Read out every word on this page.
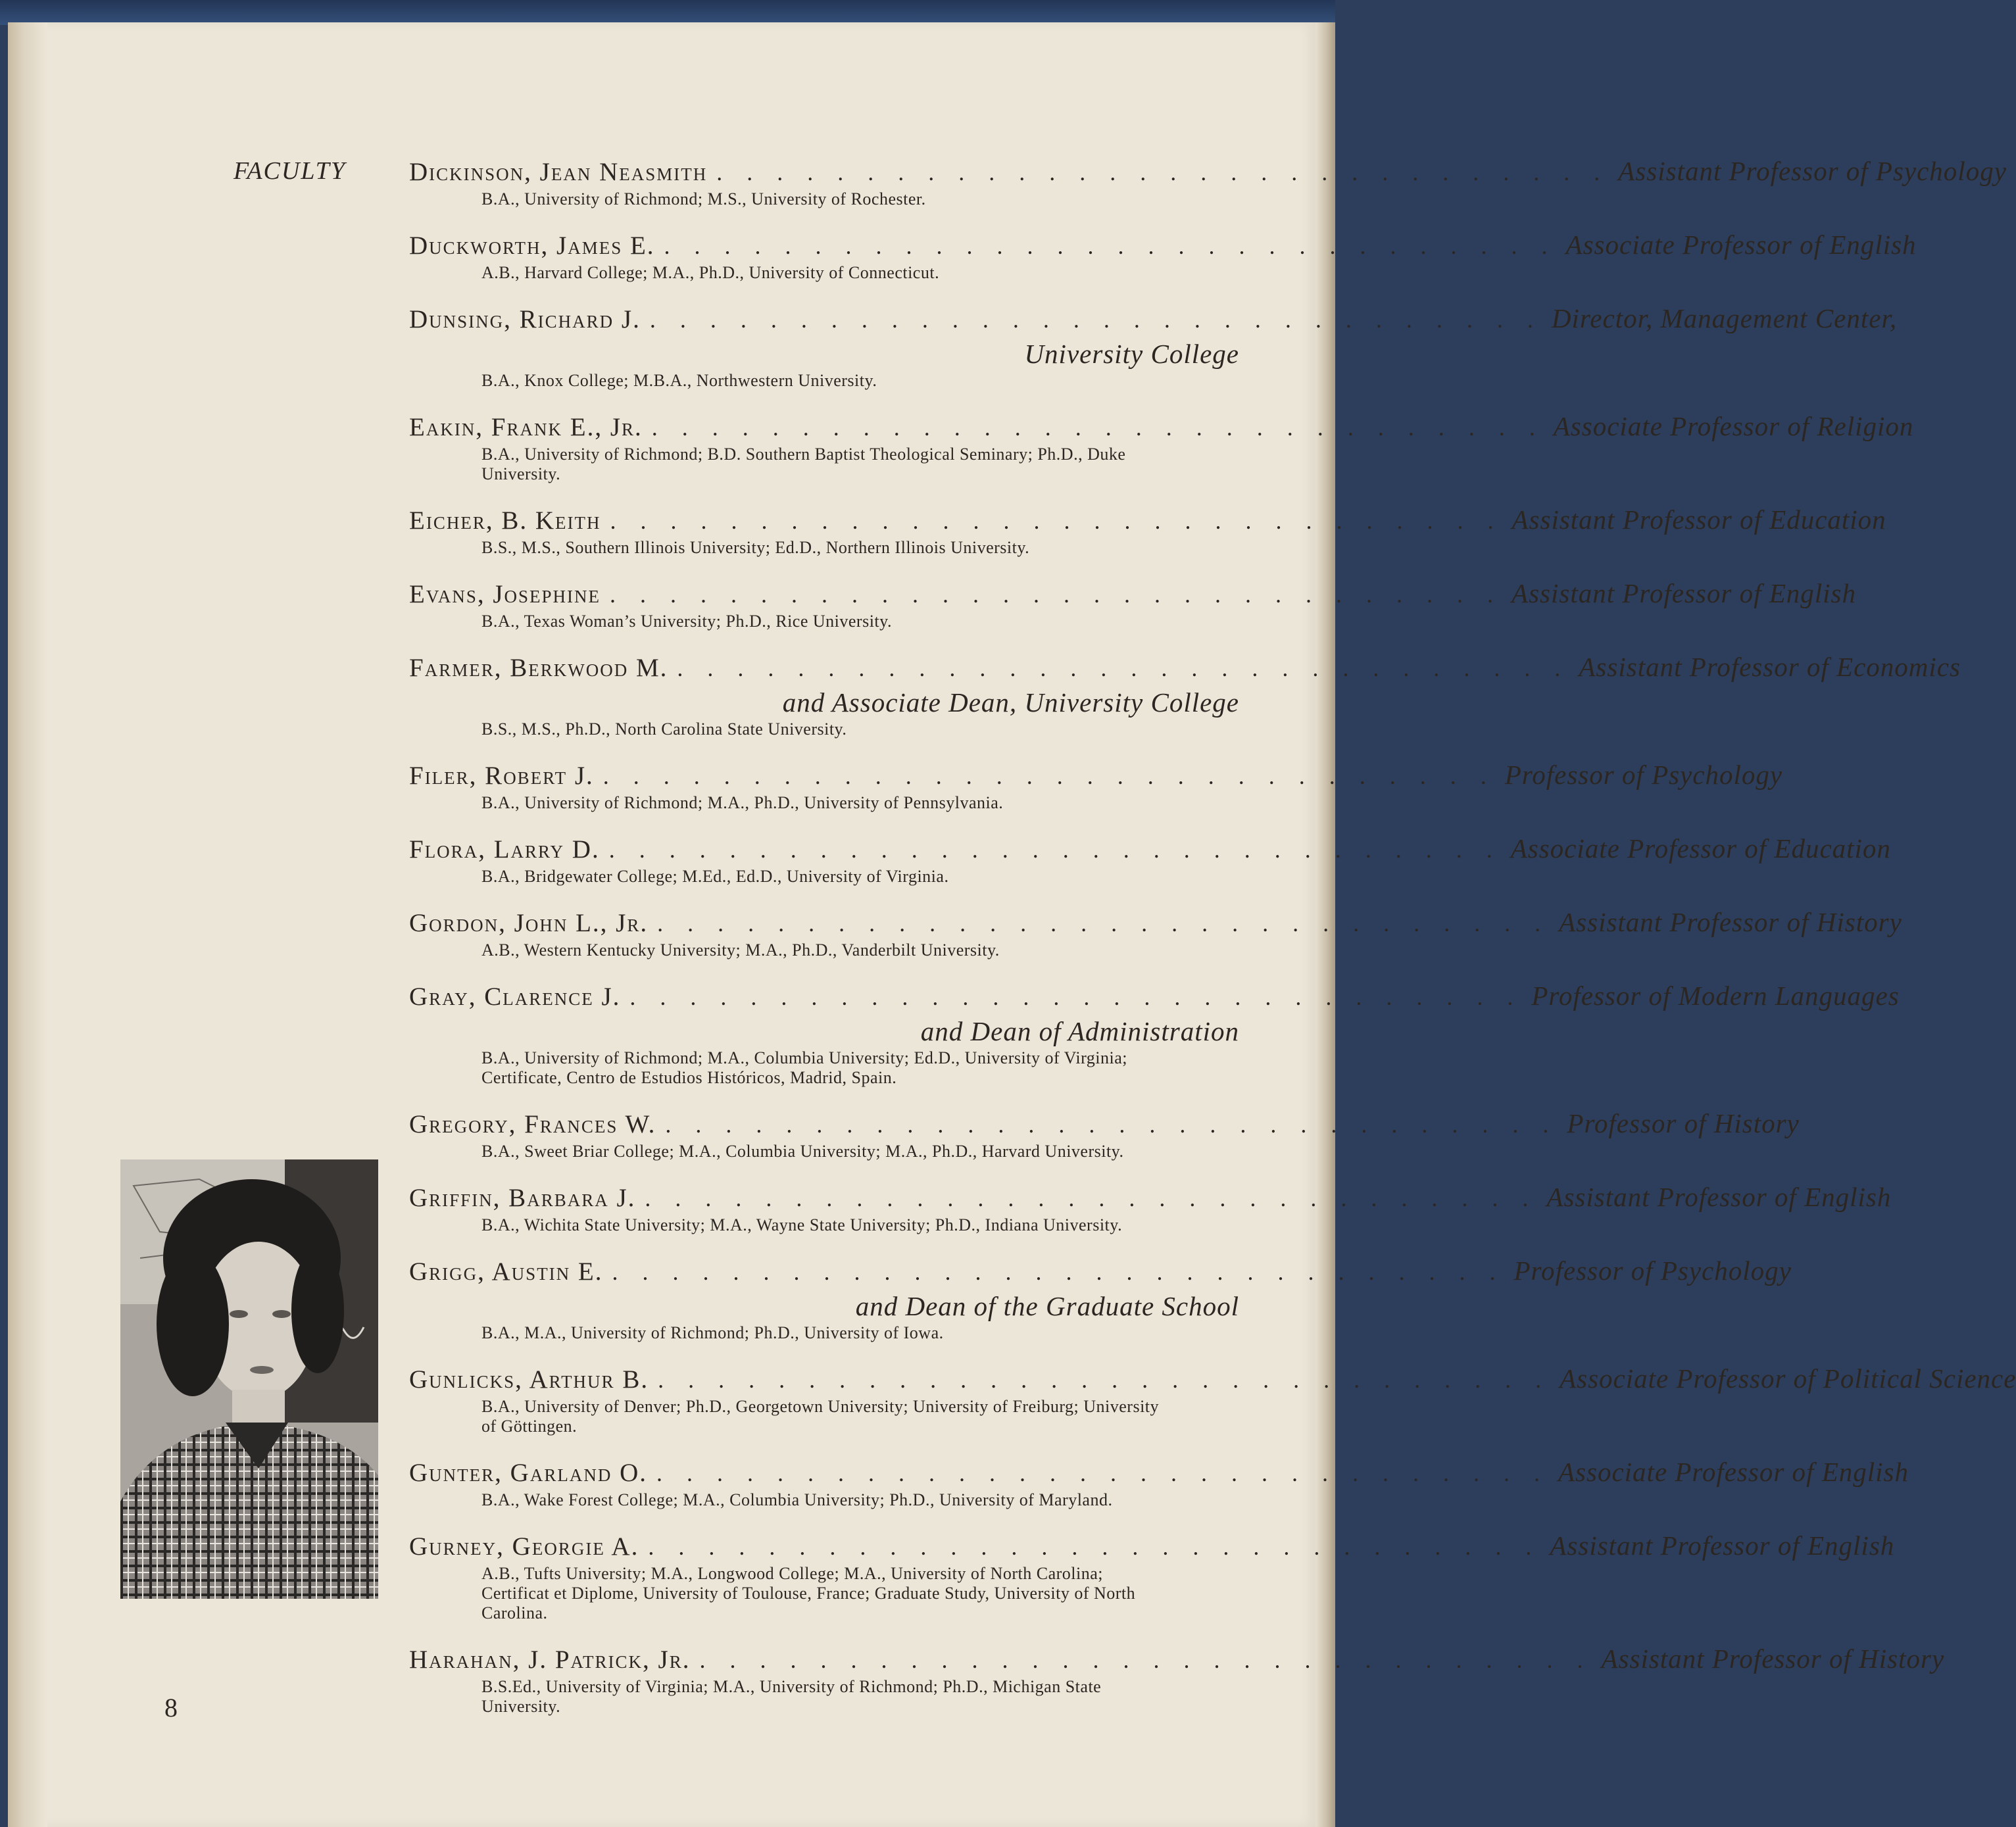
FACULTY Dickinson, Jean Neasmith . . . . . . . . . . . . . . . . . . . . . . . . . . . . . . Assistant Professor of Psychology
B.A., University of Richmond; M.S., University of Rochester.
Duckworth, James E. . . . . . . . . . . . . . . . . . . . . . . . . . . . . . . Associate Professor of English
A.B., Harvard College; M.A., Ph.D., University of Connecticut.
Dunsing, Richard J. . . . . . . . . . . . . . . . . . . . . . . . . . . . . . . Director, Management Center,
University College
B.A., Knox College; M.B.A., Northwestern University.
Eakin, Frank E., Jr. . . . . . . . . . . . . . . . . . . . . . . . . . . . . . . Associate Professor of Religion
B.A., University of Richmond; B.D. Southern Baptist Theological Seminary; Ph.D., Duke University.
Eicher, B. Keith . . . . . . . . . . . . . . . . . . . . . . . . . . . . . . Assistant Professor of Education
B.S., M.S., Southern Illinois University; Ed.D., Northern Illinois University.
Evans, Josephine . . . . . . . . . . . . . . . . . . . . . . . . . . . . . . Assistant Professor of English
B.A., Texas Woman’s University; Ph.D., Rice University.
Farmer, Berkwood M. . . . . . . . . . . . . . . . . . . . . . . . . . . . . . . Assistant Professor of Economics
and Associate Dean, University College
B.S., M.S., Ph.D., North Carolina State University.
Filer, Robert J. . . . . . . . . . . . . . . . . . . . . . . . . . . . . . . Professor of Psychology
B.A., University of Richmond; M.A., Ph.D., University of Pennsylvania.
Flora, Larry D. . . . . . . . . . . . . . . . . . . . . . . . . . . . . . . Associate Professor of Education
B.A., Bridgewater College; M.Ed., Ed.D., University of Virginia.
Gordon, John L., Jr. . . . . . . . . . . . . . . . . . . . . . . . . . . . . . . Assistant Professor of History
A.B., Western Kentucky University; M.A., Ph.D., Vanderbilt University.
Gray, Clarence J. . . . . . . . . . . . . . . . . . . . . . . . . . . . . . . Professor of Modern Languages
and Dean of Administration
B.A., University of Richmond; M.A., Columbia University; Ed.D., University of Virginia; Certificate, Centro de Estudios Históricos, Madrid, Spain.
Gregory, Frances W. . . . . . . . . . . . . . . . . . . . . . . . . . . . . . . Professor of History
B.A., Sweet Briar College; M.A., Columbia University; M.A., Ph.D., Harvard University.
Griffin, Barbara J. . . . . . . . . . . . . . . . . . . . . . . . . . . . . . . Assistant Professor of English
B.A., Wichita State University; M.A., Wayne State University; Ph.D., Indiana University.
Grigg, Austin E. . . . . . . . . . . . . . . . . . . . . . . . . . . . . . . Professor of Psychology
and Dean of the Graduate School
B.A., M.A., University of Richmond; Ph.D., University of Iowa.
Gunlicks, Arthur B. . . . . . . . . . . . . . . . . . . . . . . . . . . . . . . Associate Professor of Political Science
B.A., University of Denver; Ph.D., Georgetown University; University of Freiburg; University of Göttingen.
Gunter, Garland O. . . . . . . . . . . . . . . . . . . . . . . . . . . . . . . Associate Professor of English
B.A., Wake Forest College; M.A., Columbia University; Ph.D., University of Maryland.
Gurney, Georgie A. . . . . . . . . . . . . . . . . . . . . . . . . . . . . . . Assistant Professor of English
A.B., Tufts University; M.A., Longwood College; M.A., University of North Carolina; Certificat et Diplome, University of Toulouse, France; Graduate Study, University of North Carolina.
Harahan, J. Patrick, Jr. . . . . . . . . . . . . . . . . . . . . . . . . . . . . . . Assistant Professor of History
B.S.Ed., University of Virginia; M.A., University of Richmond; Ph.D., Michigan State University.
8
